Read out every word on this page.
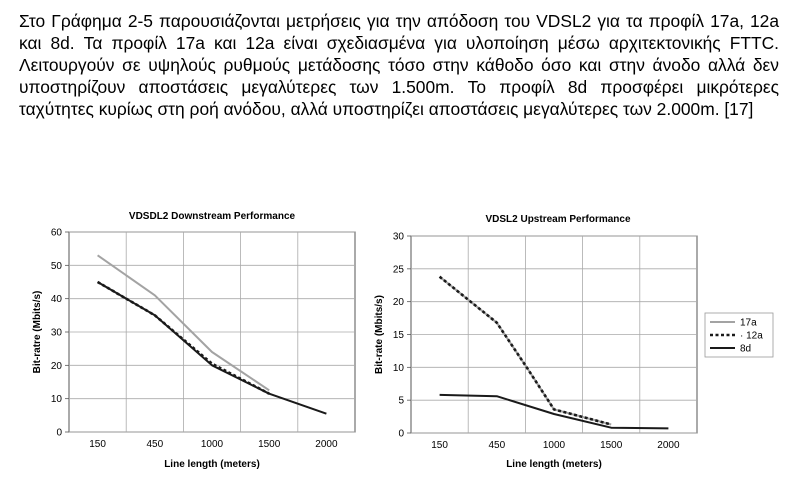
Στο Γράφημα 2-5 παρουσιάζονται μετρήσεις για την απόδοση του VDSL2 για τα προφίλ 17a, 12a και 8d. Τα προφίλ 17a και 12a είναι σχεδιασμένα για υλοποίηση μέσω αρχιτεκτονικής FTTC. Λειτουργούν σε υψηλούς ρυθμούς μετάδοσης τόσο στην κάθοδο όσο και στην άνοδο αλλά δεν υποστηρίζουν αποστάσεις μεγαλύτερες των 1.500m. Το προφίλ 8d προσφέρει μικρότερες ταχύτητες κυρίως στη ροή ανόδου, αλλά υποστηρίζει αποστάσεις μεγαλύτερες των 2.000m. [17]

VDSDL2 Downstream Performance
0
10
20
30
40
50
60
150	450	1000	1500	2000
Line length (meters)
Bit-ratre (Mbits/s)
VDSL2 Upstream Performance
0
5
10
15
20
25
30
150	450	1000	1500	2000
Line length (meters)
Bit-rate (Mbits/s)	17a
· 12a
8d
